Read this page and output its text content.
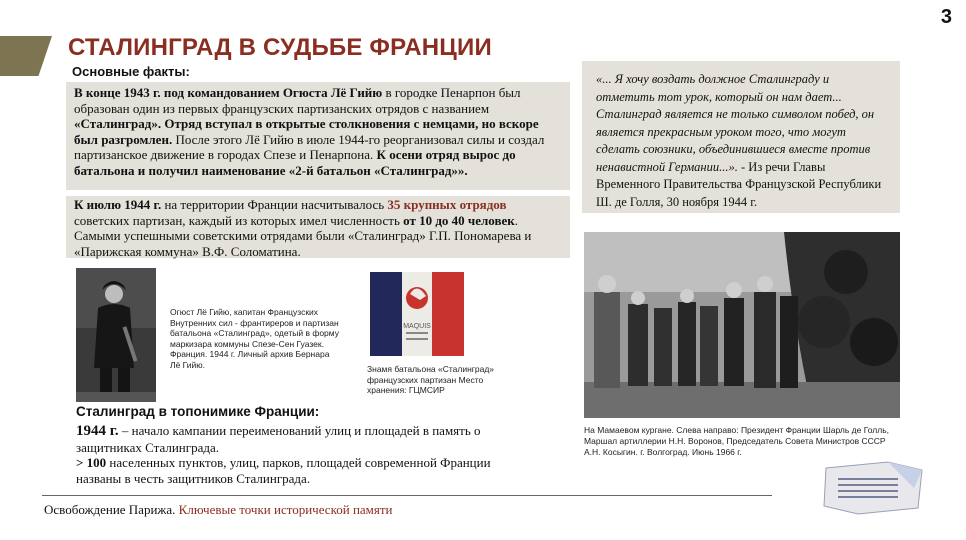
3
СТАЛИНГРАД В СУДЬБЕ ФРАНЦИИ
Основные факты:
В конце 1943 г. под командованием Огюста Лё Гийю в городке Пенарпон был образован один из первых французских партизанских отрядов с названием «Сталинград». Отряд вступал в открытые столкновения с немцами, но вскоре был разгромлен. После этого Лё Гийю в июле 1944-го реорганизовал силы и создал партизанское движение в городах Спезе и Пенарпона. К осени отряд вырос до батальона и получил наименование «2-й батальон «Сталинград»».
К июлю 1944 г. на территории Франции насчитывалось 35 крупных отрядов советских партизан, каждый из которых имел численность от 10 до 40 человек. Самыми успешными советскими отрядами были «Сталинград» Г.П. Пономарева и «Парижская коммуна» В.Ф. Соломатина.
«... Я хочу воздать должное Сталинграду и отметить тот урок, который он нам дает... Сталинград является не только символом побед, он является прекрасным уроком того, что могут сделать союзники, объединившиеся вместе против ненавистной Германии...». - Из речи Главы Временного Правительства Французской Республики Ш. де Голля, 30 ноября 1944 г.
Огюст Лё Гийю, капитан Французских Внутренних сил - франтиреров и партизан батальона «Сталинград», одетый в форму маркизара коммуны Спезе-Сен Гуазек. Франция. 1944 г. Личный архив Бернара Лё Гийю.
MAQUIS
Знамя батальона «Сталинград» французских партизан Место хранения: ГЦМСИР
На Мамаевом кургане. Слева направо: Президент Франции Шарль де Голль, Маршал артиллерии Н.Н. Воронов, Председатель Совета Министров СССР А.Н. Косыгин. г. Волгоград. Июнь 1966 г.
Сталинград в топонимике Франции:
1944 г. – начало кампании переименований улиц и площадей в память о защитниках Сталинграда.
> 100 населенных пунктов, улиц, парков, площадей современной Франции названы в честь защитников Сталинграда.
Освобождение Парижа. Ключевые точки исторической памяти
